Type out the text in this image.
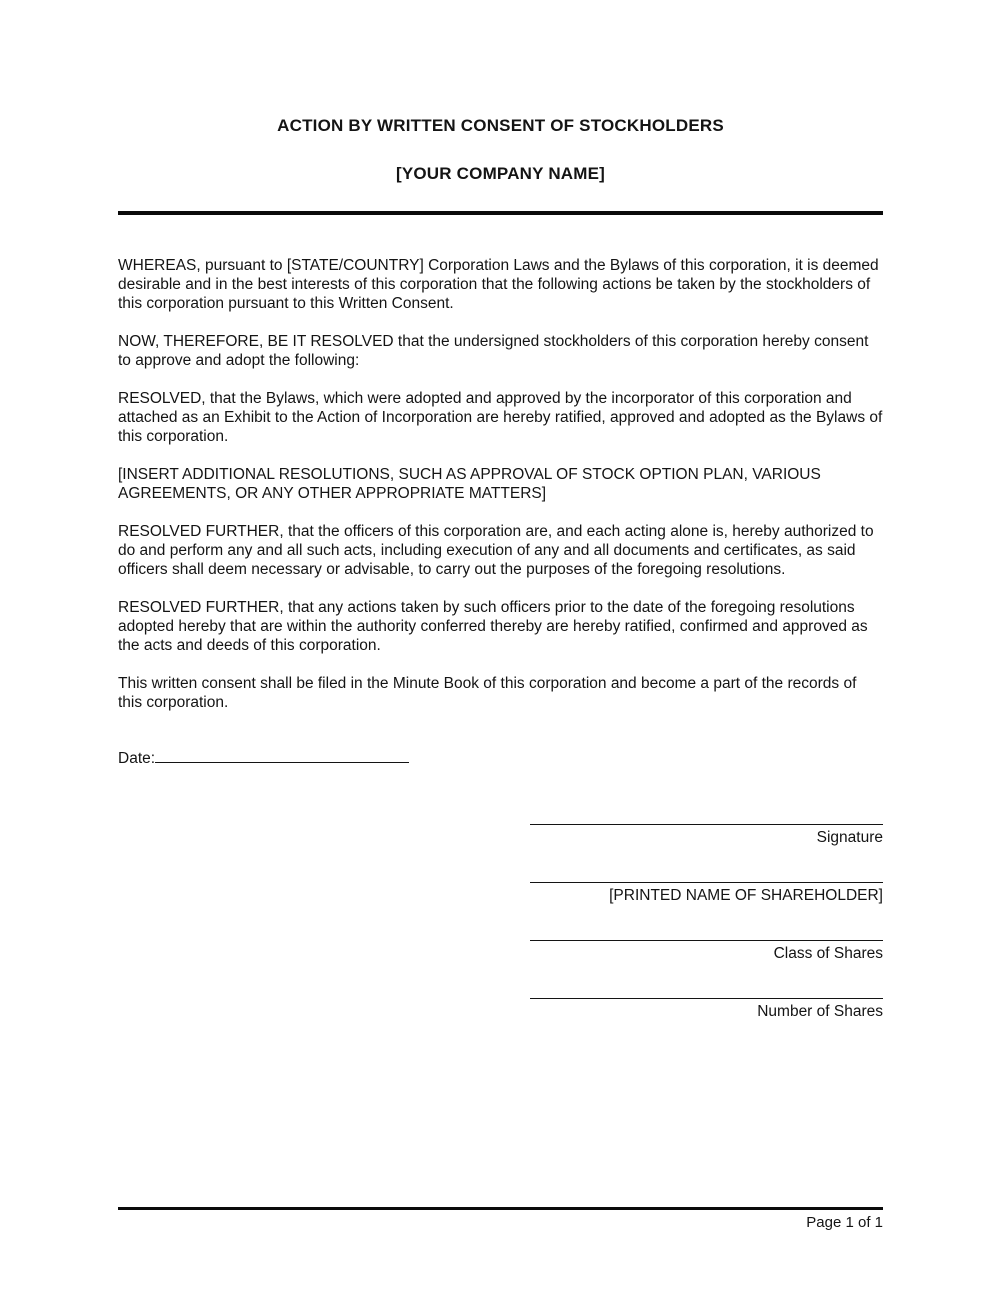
ACTION BY WRITTEN CONSENT OF STOCKHOLDERS
[YOUR COMPANY NAME]

WHEREAS, pursuant to [STATE/COUNTRY] Corporation Laws and the Bylaws of this corporation, it is deemed desirable and in the best interests of this corporation that the following actions be taken by the stockholders of this corporation pursuant to this Written Consent.

NOW, THEREFORE, BE IT RESOLVED that the undersigned stockholders of this corporation hereby consent to approve and adopt the following:

RESOLVED, that the Bylaws, which were adopted and approved by the incorporator of this corporation and attached as an Exhibit to the Action of Incorporation are hereby ratified, approved and adopted as the Bylaws of this corporation.

[INSERT ADDITIONAL RESOLUTIONS, SUCH AS APPROVAL OF STOCK OPTION PLAN, VARIOUS AGREEMENTS, OR ANY OTHER APPROPRIATE MATTERS]

RESOLVED FURTHER, that the officers of this corporation are, and each acting alone is, hereby authorized to do and perform any and all such acts, including execution of any and all documents and certificates, as said officers shall deem necessary or advisable, to carry out the purposes of the foregoing resolutions.

RESOLVED FURTHER, that any actions taken by such officers prior to the date of the foregoing resolutions adopted hereby that are within the authority conferred thereby are hereby ratified, confirmed and approved as the acts and deeds of this corporation.

This written consent shall be filed in the Minute Book of this corporation and become a part of the records of this corporation.

Date:
Signature
[PRINTED NAME OF SHAREHOLDER]
Class of Shares
Number of Shares
Page 1 of 1
